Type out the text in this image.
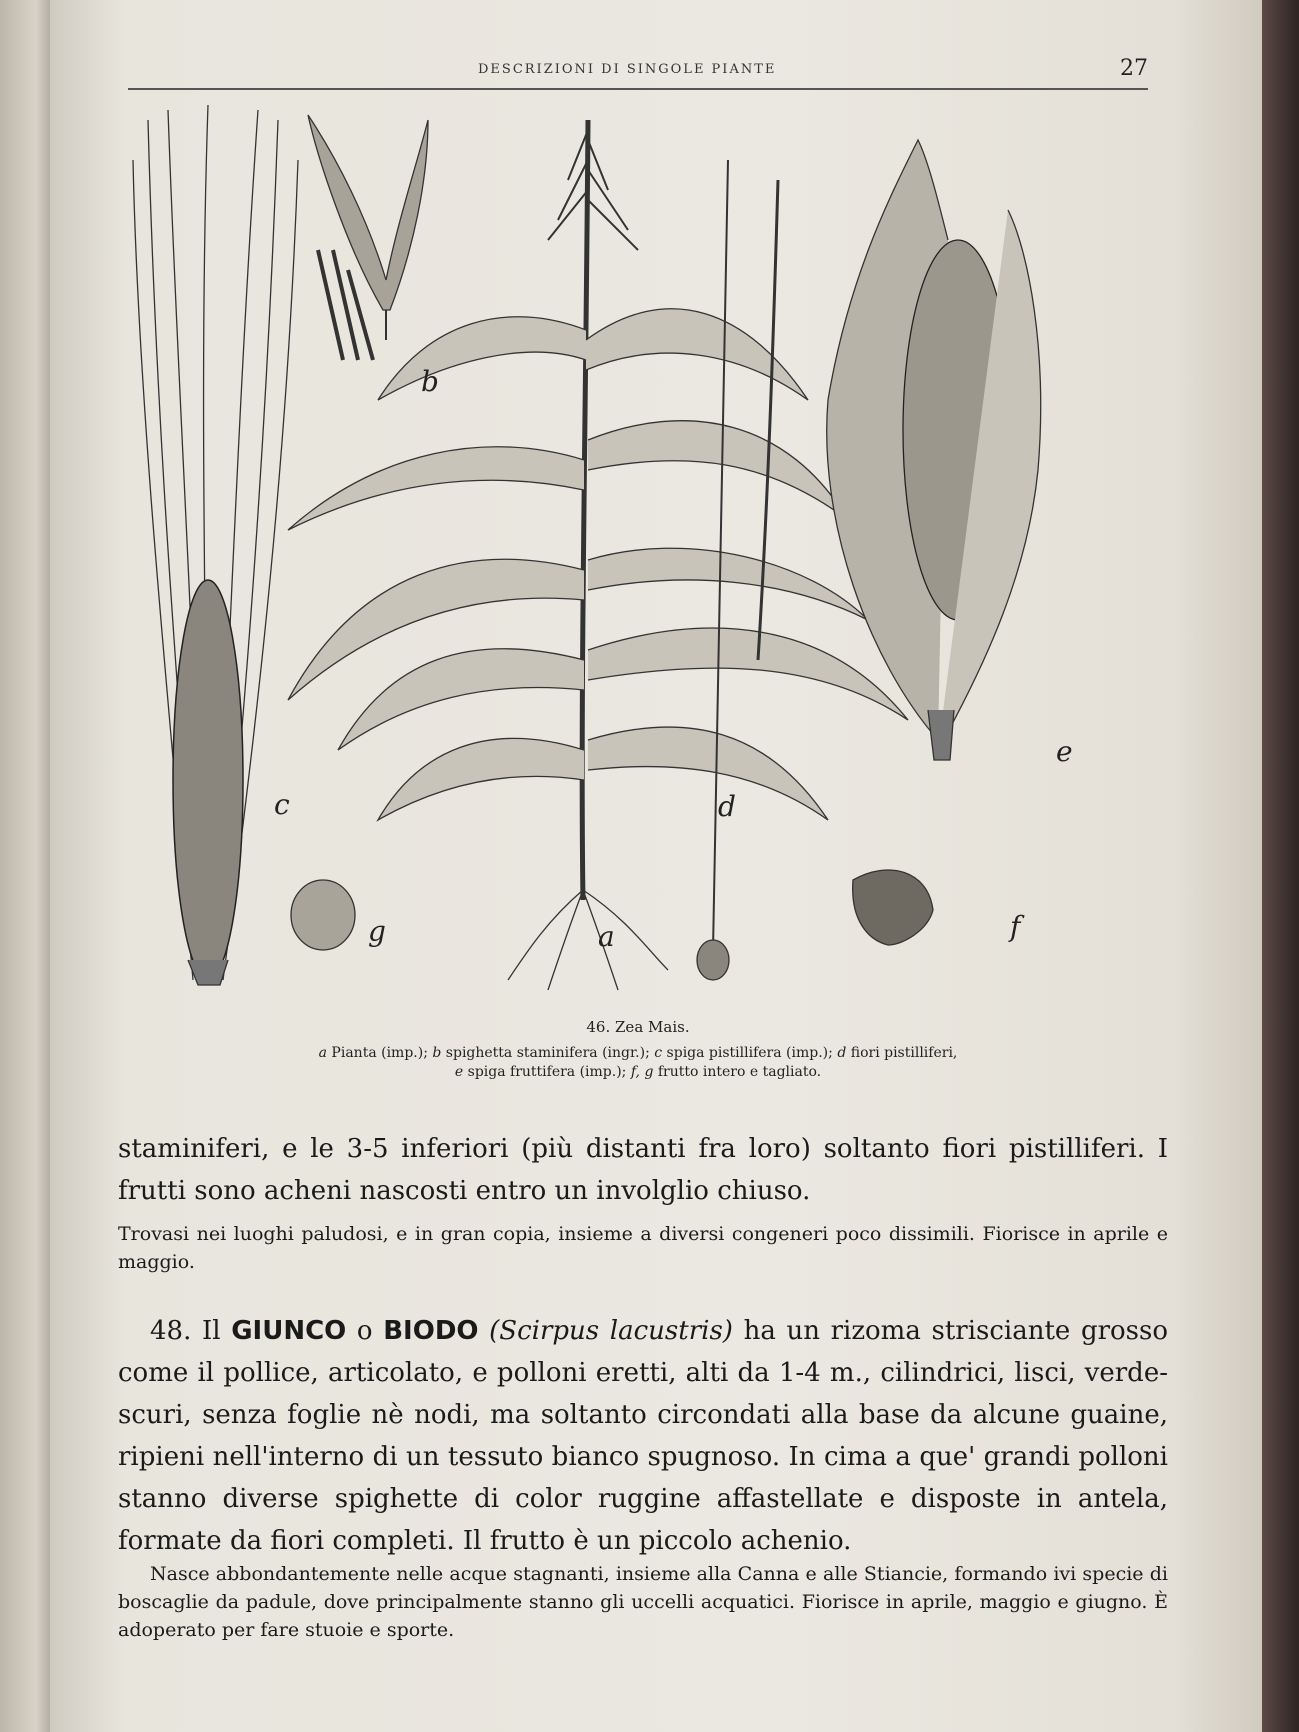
DESCRIZIONI DI SINGOLE PIANTE	27
b
c
a
d
e
f
g
46. Zea Mais.
a Pianta (imp.); b spighetta staminifera (ingr.); c spiga pistillifera (imp.); d fiori pistilliferi,
e spiga fruttifera (imp.); f, g frutto intero e tagliato.
staminiferi, e le 3-5 inferiori (più distanti fra loro) soltanto fiori pistilliferi. I frutti sono acheni nascosti entro un involglio chiuso.
Trovasi nei luoghi paludosi, e in gran copia, insieme a diversi congeneri poco dissimili. Fiorisce in aprile e maggio.
48. Il GIUNCO o BIODO (Scirpus lacustris) ha un rizoma strisciante grosso come il pollice, articolato, e polloni eretti, alti da 1-4 m., cilindrici, lisci, verde-scuri, senza foglie nè nodi, ma soltanto circondati alla base da alcune guaine, ripieni nell'interno di un tessuto bianco spugnoso. In cima a que' grandi polloni stanno diverse spighette di color ruggine affastellate e disposte in antela, formate da fiori completi. Il frutto è un piccolo achenio.
Nasce abbondantemente nelle acque stagnanti, insieme alla Canna e alle Stiancie, formando ivi specie di boscaglie da padule, dove principalmente stanno gli uccelli acquatici. Fiorisce in aprile, maggio e giugno. È adoperato per fare stuoie e sporte.
